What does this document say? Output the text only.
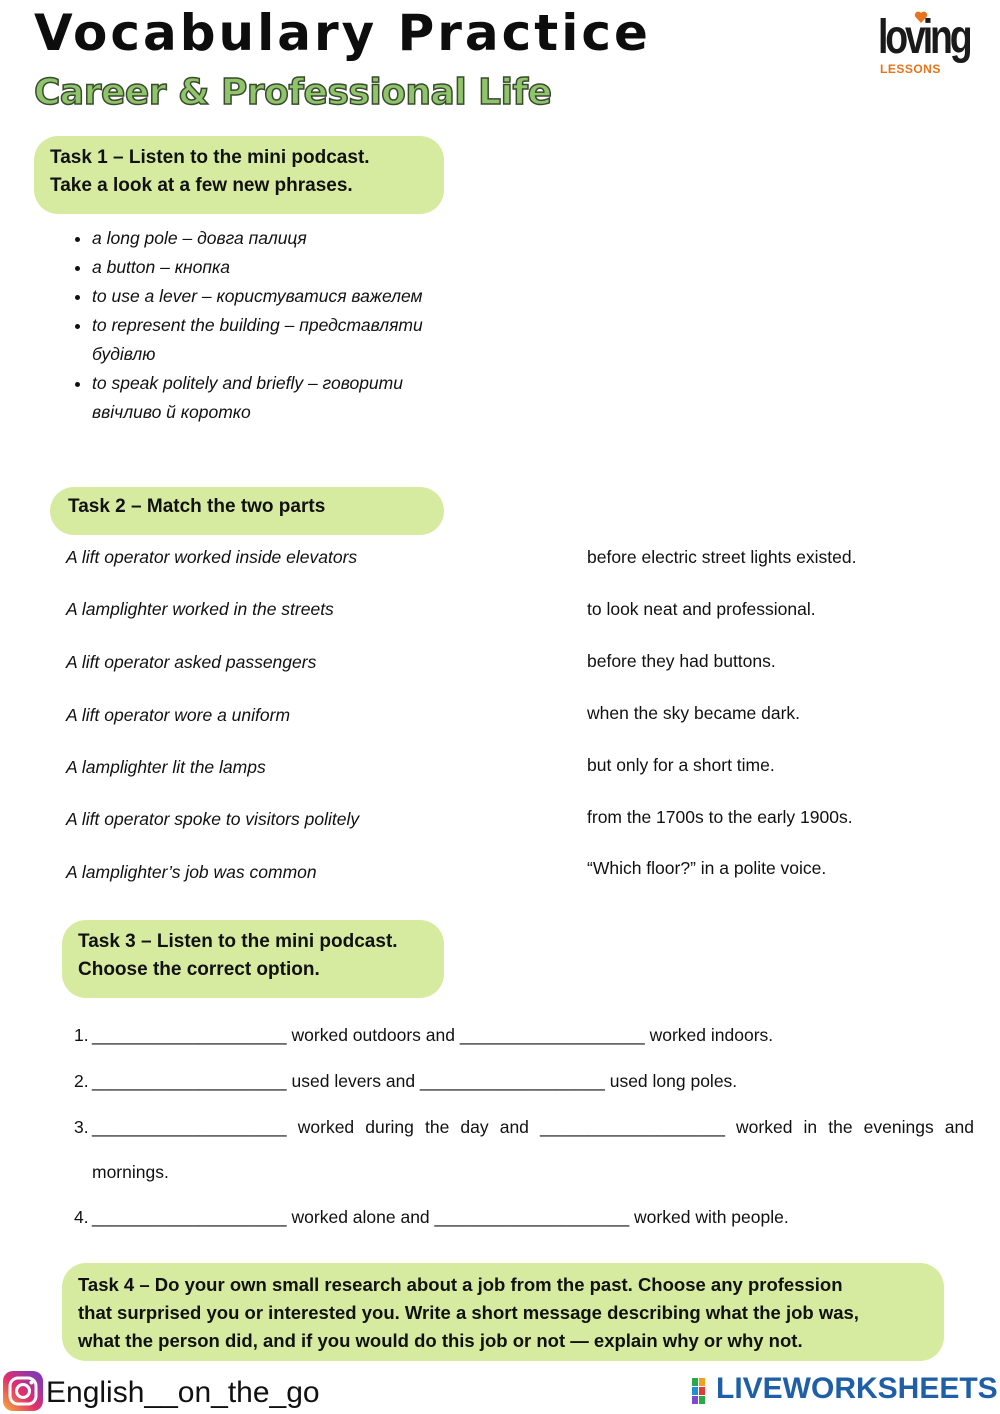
Vocabulary Practice
Career & Professional Life
loving
LESSONS
Task 1 – Listen to the mini podcast.
Take a look at a few new phrases.
• a long pole – довга палиця
• a button – кнопка
• to use a lever – користуватися важелем
• to represent the building – представляти будівлю
• to speak politely and briefly – говорити ввічливо й коротко
Task 2 – Match the two parts
A lift operator worked inside elevators
A lamplighter worked in the streets
A lift operator asked passengers
A lift operator wore a uniform
A lamplighter lit the lamps
A lift operator spoke to visitors politely
A lamplighter’s job was common
before electric street lights existed.
to look neat and professional.
before they had buttons.
when the sky became dark.
but only for a short time.
from the 1700s to the early 1900s.
“Which floor?” in a polite voice.
Task 3 – Listen to the mini podcast.
Choose the correct option.
1. ____________________ worked outdoors and ___________________ worked indoors.
2. ____________________ used levers and ___________________ used long poles.
3. ____________________ worked during the day and ___________________ worked in the evenings and
mornings.
4. ____________________ worked alone and ____________________ worked with people.
Task 4 – Do your own small research about a job from the past. Choose any profession
that surprised you or interested you. Write a short message describing what the job was,
what the person did, and if you would do this job or not — explain why or why not.
English__on_the_go	LIVEWORKSHEETS
